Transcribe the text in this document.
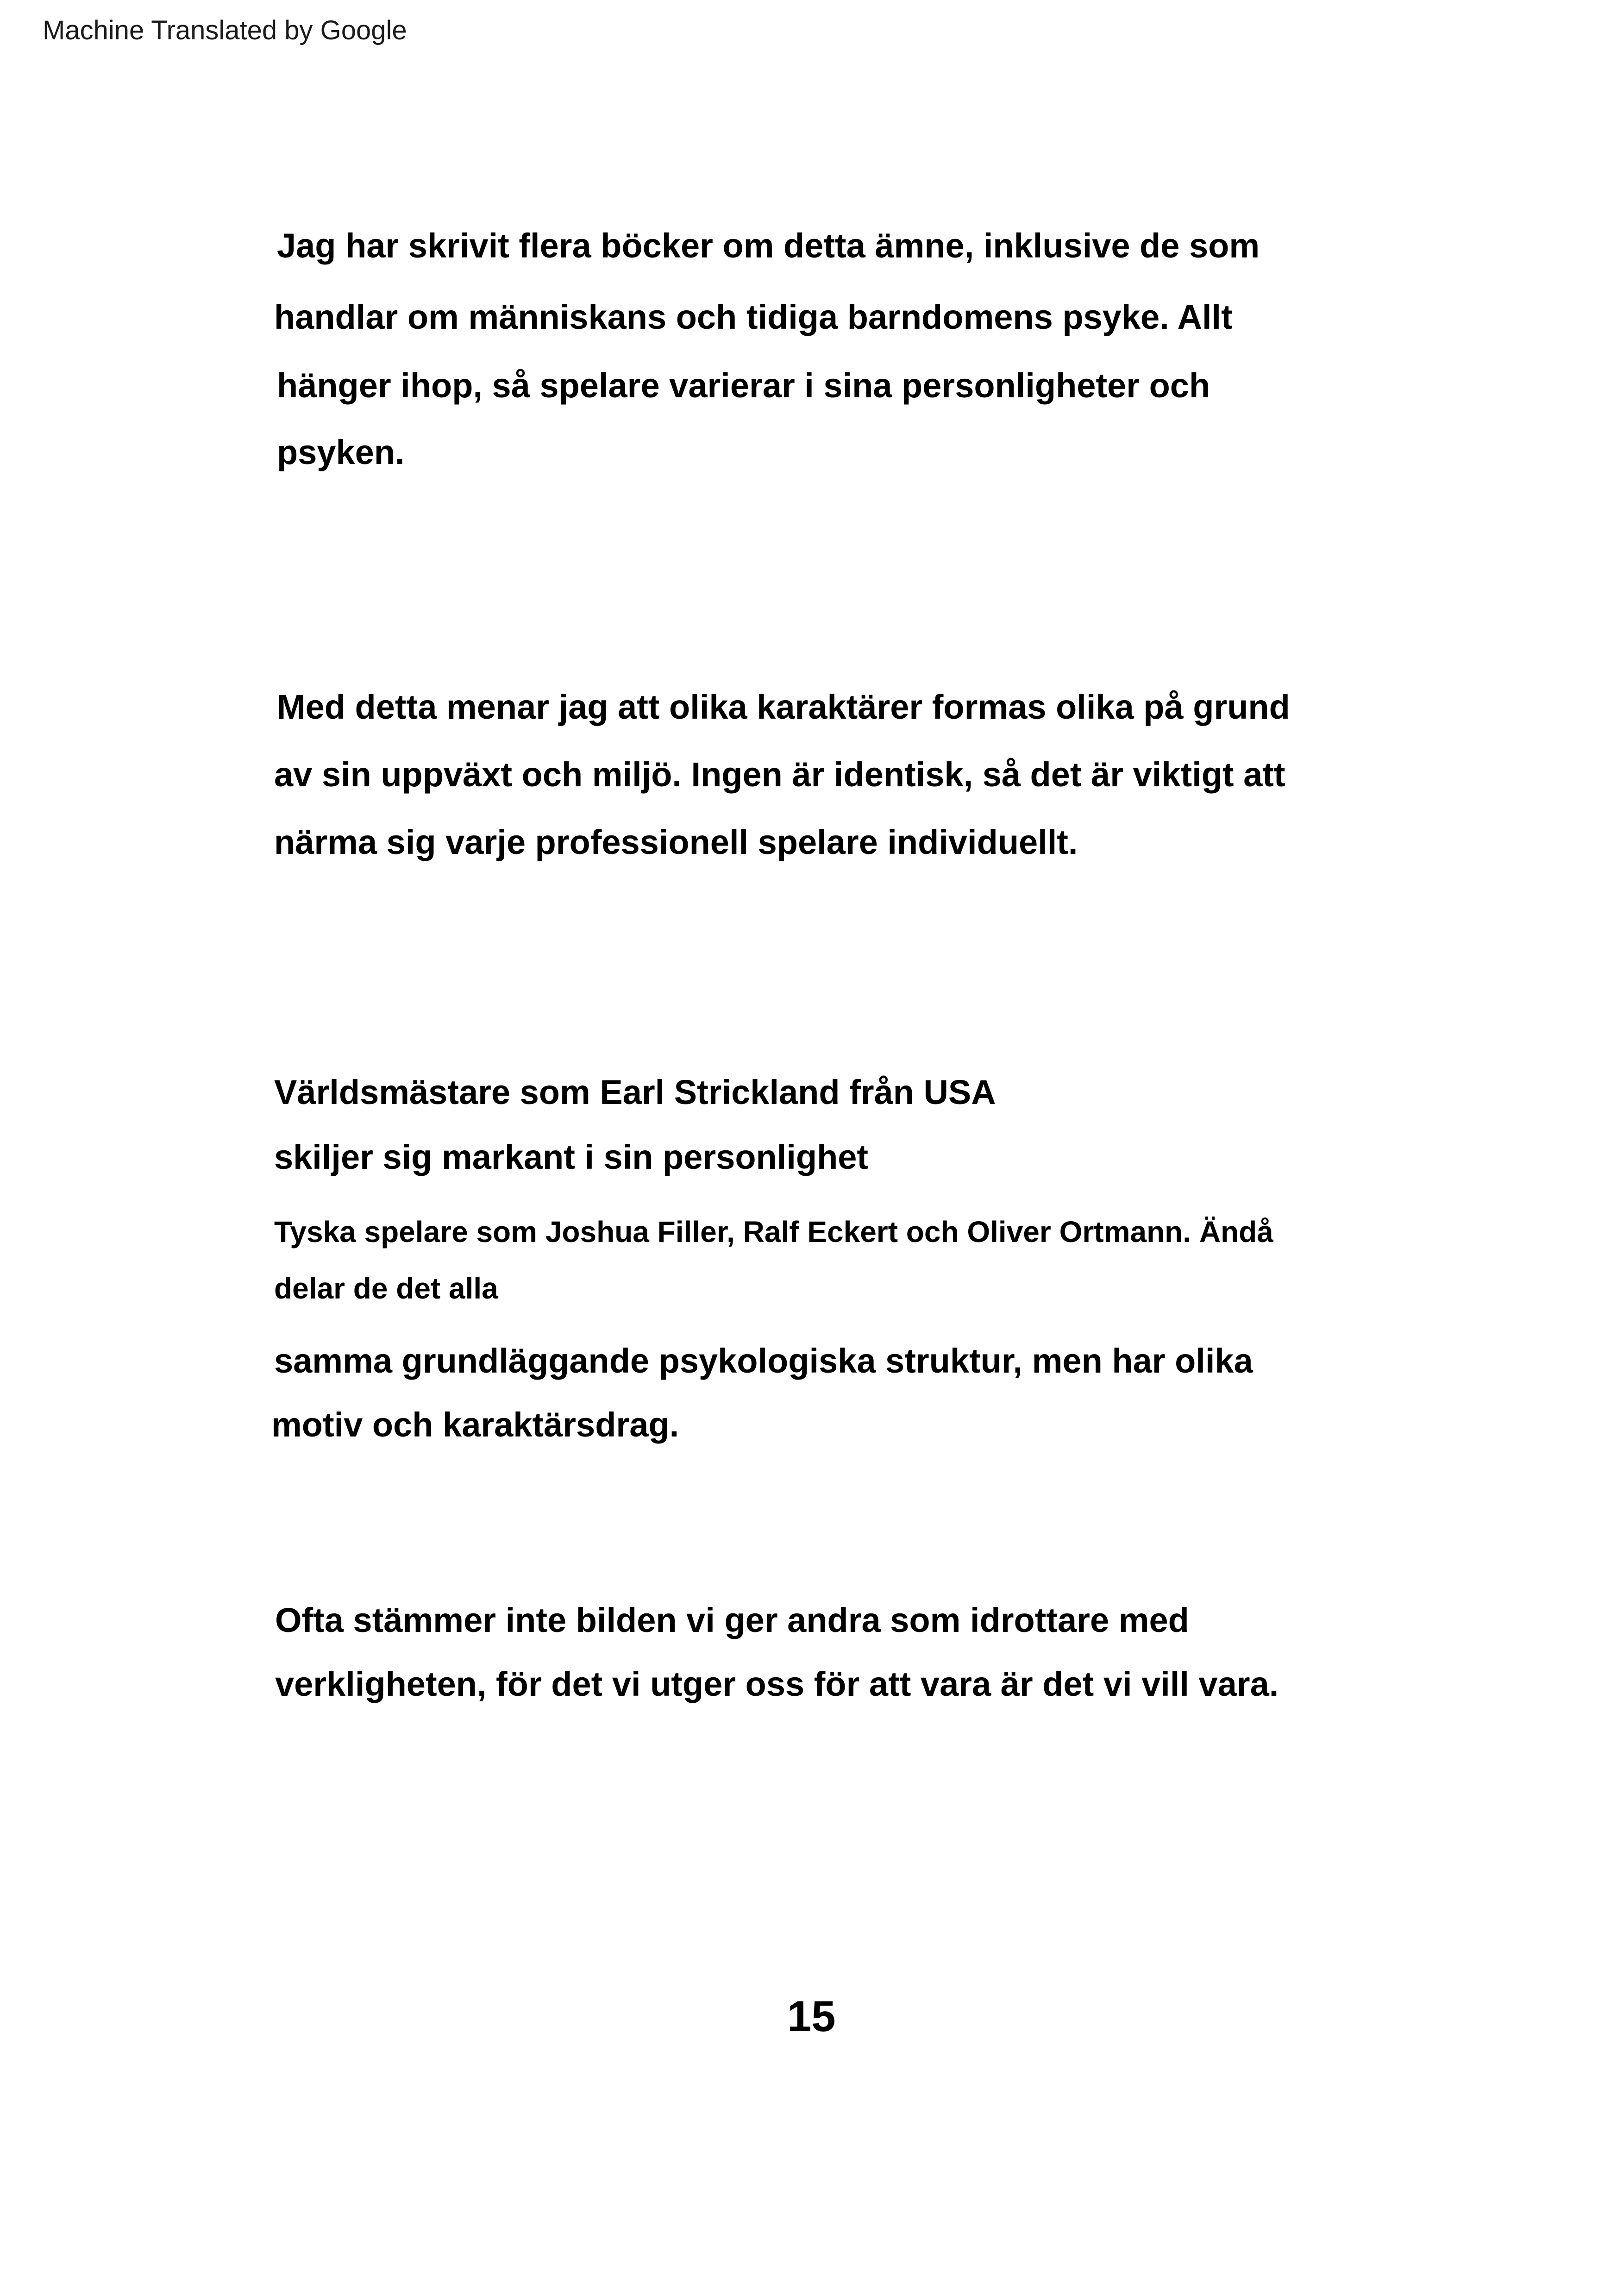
Machine Translated by Google
Jag har skrivit flera böcker om detta ämne, inklusive de som
handlar om människans och tidiga barndomens psyke. Allt
hänger ihop, så spelare varierar i sina personligheter och
psyken.
Med detta menar jag att olika karaktärer formas olika på grund
av sin uppväxt och miljö. Ingen är identisk, så det är viktigt att
närma sig varje professionell spelare individuellt.
Världsmästare som Earl Strickland från USA
skiljer sig markant i sin personlighet
Tyska spelare som Joshua Filler, Ralf Eckert och Oliver Ortmann. Ändå
delar de det alla
samma grundläggande psykologiska struktur, men har olika
motiv och karaktärsdrag.
Ofta stämmer inte bilden vi ger andra som idrottare med
verkligheten, för det vi utger oss för att vara är det vi vill vara.
15
